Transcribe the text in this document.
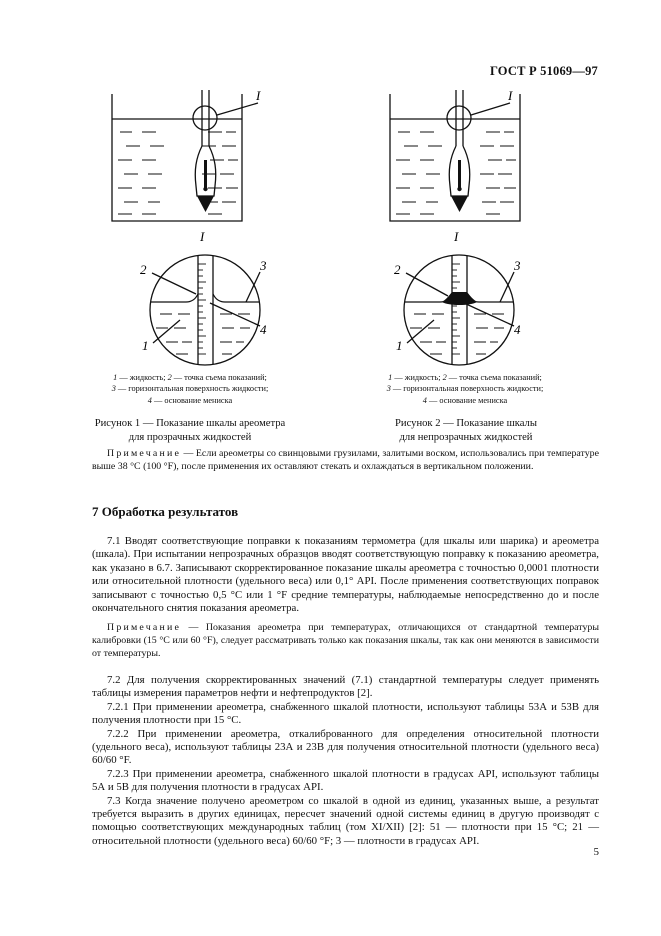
ГОСТ Р 51069—97
I
I
2	3
4
1
I
I
2	3
4
1
1 — жидкость; 2 — точка съема показаний;
3 — горизонтальная поверхность жидкости;
4 — основание мениска
1 — жидкость; 2 — точка съема показаний;
3 — горизонтальная поверхность жидкости;
4 — основание мениска
Рисунок 1 — Показание шкалы ареометра
для прозрачных жидкостей
Рисунок 2 — Показание шкалы
для непрозрачных жидкостей

Примечание — Если ареометры со свинцовыми грузилами, залитыми воском, использовались при температуре выше 38 °С (100 °F), после применения их оставляют стекать и охлаждаться в вертикальном положении.

7 Обработка результатов

7.1 Вводят соответствующие поправки к показаниям термометра (для шкалы или шарика) и ареометра (шкала). При испытании непрозрачных образцов вводят соответствующую поправку к показанию ареометра, как указано в 6.7. Записывают скорректированное показание шкалы ареометра с точностью 0,0001 плотности или относительной плотности (удельного веса) или 0,1° API. После применения соответствующих поправок записывают с точностью 0,5 °С или 1 °F средние температуры, наблюдаемые непосредственно до и после окончательного снятия показания ареометра.

Примечание — Показания ареометра при температурах, отличающихся от стандартной температуры калибровки (15 °С или 60 °F), следует рассматривать только как показания шкалы, так как они меняются в зависимости от температуры.

7.2 Для получения скорректированных значений (7.1) стандартной температуры следует применять таблицы измерения параметров нефти и нефтепродуктов [2].

7.2.1 При применении ареометра, снабженного шкалой плотности, используют таблицы 53А и 53В для получения плотности при 15 °С.

7.2.2 При применении ареометра, откалиброванного для определения относительной плотности (удельного веса), используют таблицы 23А и 23В для получения относительной плотности (удельного веса) 60/60 °F.

7.2.3 При применении ареометра, снабженного шкалой плотности в градусах API, используют таблицы 5А и 5В для получения плотности в градусах API.

7.3 Когда значение получено ареометром со шкалой в одной из единиц, указанных выше, а результат требуется выразить в других единицах, пересчет значений одной системы единиц в другую производят с помощью соответствующих международных таблиц (том XI/XII) [2]: 51 — плотности при 15 °С; 21 — относительной плотности (удельного веса) 60/60 °F; 3 — плотности в градусах API.

5
